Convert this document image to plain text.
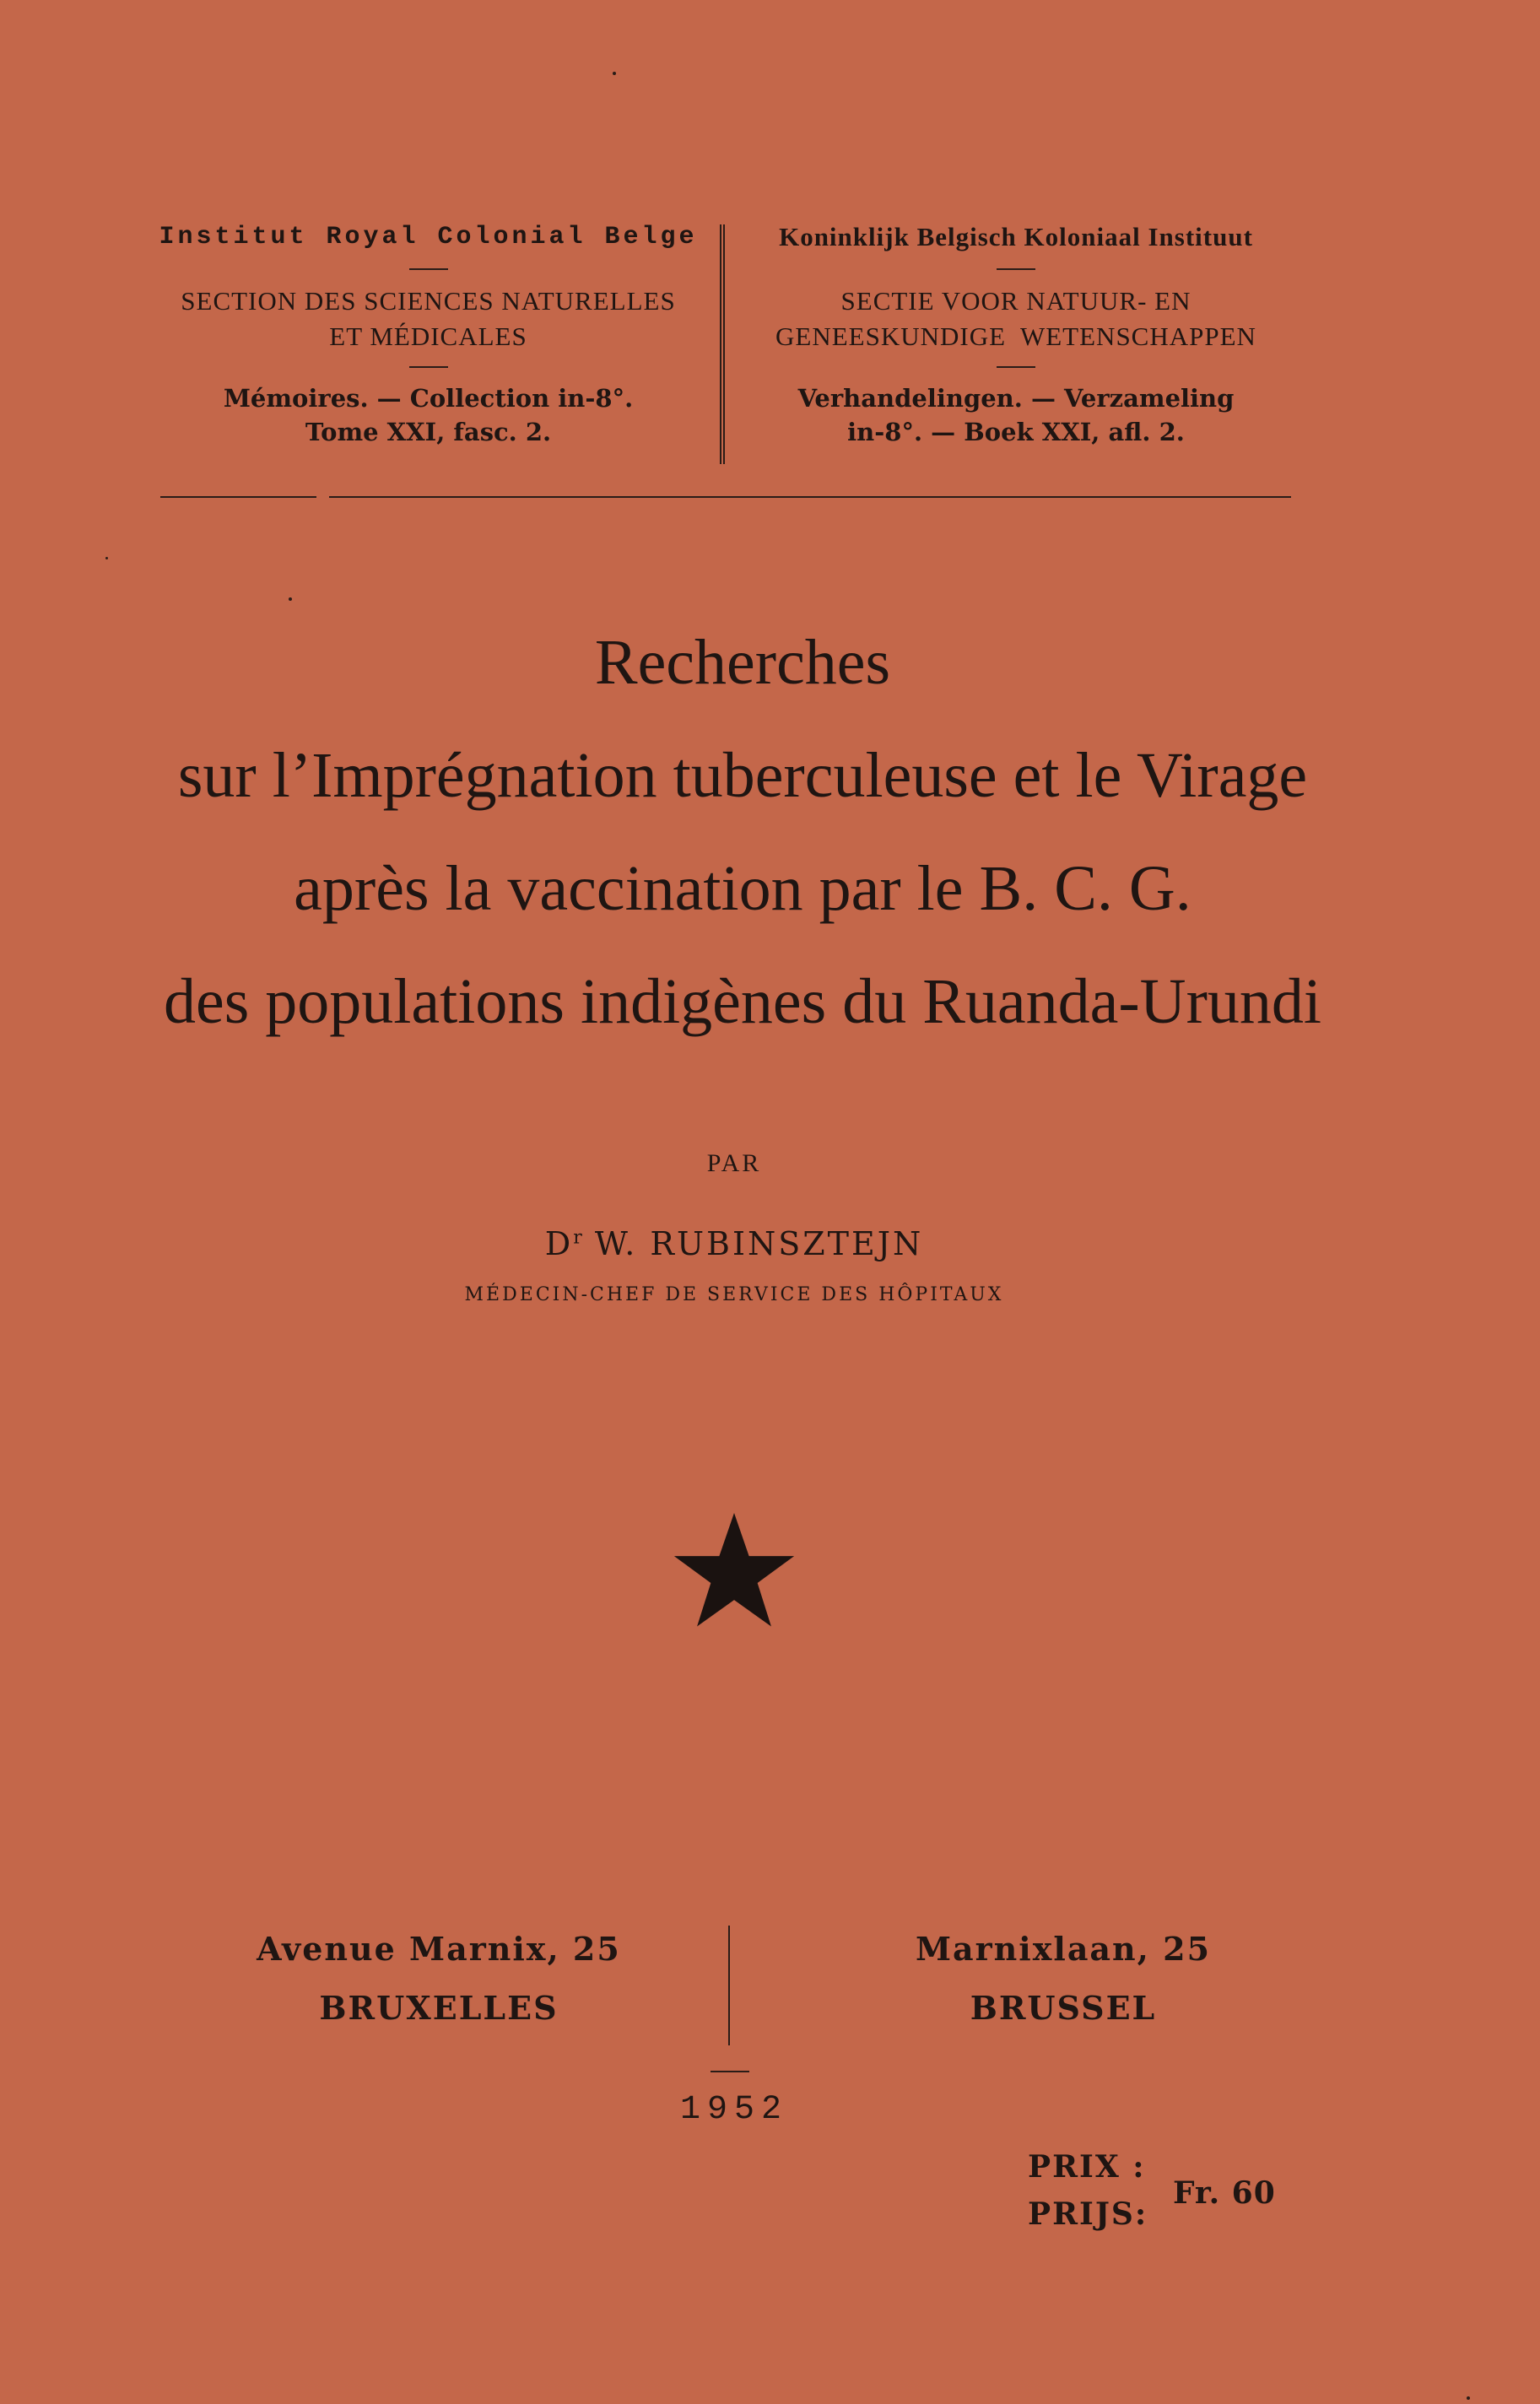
Institut Royal Colonial Belge

SECTION DES SCIENCES NATURELLES

ET MÉDICALES

Mémoires. — Collection in-8°.

Tome XXI, fasc. 2.

Koninklijk Belgisch Koloniaal Instituut

SECTIE VOOR NATUUR- EN

GENEESKUNDIGE  WETENSCHAPPEN

Verhandelingen. — Verzameling

in-8°. — Boek XXI, afl. 2.

Recherches

sur l’Imprégnation tuberculeuse et le Virage

après la vaccination par le B. C. G.

des populations indigènes du Ruanda-Urundi

PAR
$D^r$ W. RUBINSZTEJN
MÉDECIN-CHEF DE SERVICE DES HÔPITAUX

Avenue Marnix, 25

BRUXELLES

Marnixlaan, 25

BRUSSEL

1952

PRIX :

PRIJS:

Fr. 60
